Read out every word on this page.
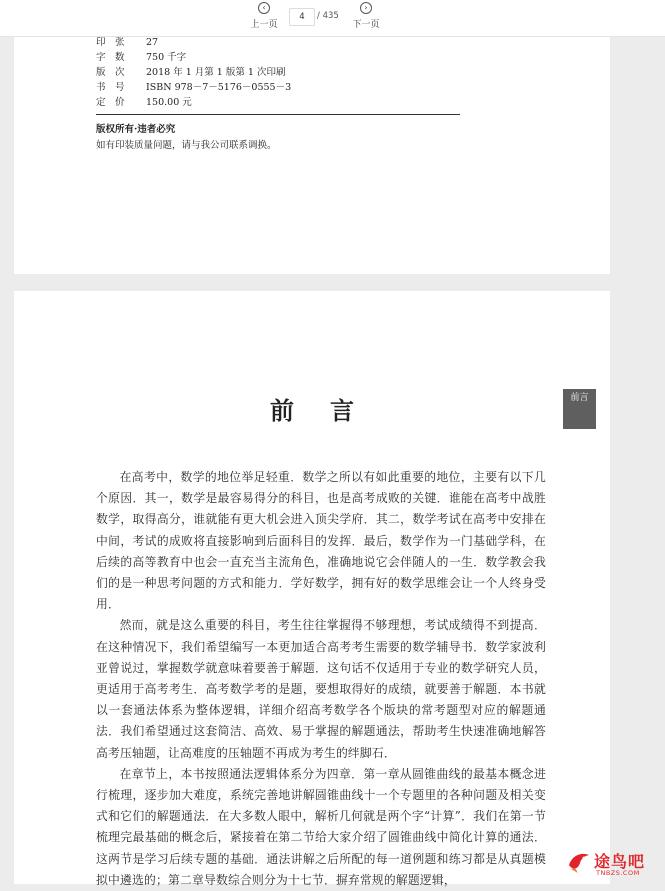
‹
上一页
4	/ 435
›
下一页
印　张 27
字　数 750 千字
版　次 2018 年 1 月第 1 版第 1 次印刷
书　号 ISBN 978－7－5176－0555－3
定　价 150.00 元
版权所有·违者必究
如有印装质量问题，请与我公司联系调换。
前言	前言

在高考中，数学的地位举足轻重．数学之所以有如此重要的地位，主要有以下几个原因．其一，数学是最容易得分的科目，也是高考成败的关键．谁能在高考中战胜数学，取得高分，谁就能有更大机会进入顶尖学府．其二，数学考试在高考中安排在中间，考试的成败将直接影响到后面科目的发挥．最后，数学作为一门基础学科，在后续的高等教育中也会一直充当主流角色，准确地说它会伴随人的一生．数学教会我们的是一种思考问题的方式和能力．学好数学，拥有好的数学思维会让一个人终身受用．

然而，就是这么重要的科目，考生往往掌握得不够理想，考试成绩得不到提高．在这种情况下，我们希望编写一本更加适合高考考生需要的数学辅导书．数学家波利亚曾说过，掌握数学就意味着要善于解题．这句话不仅适用于专业的数学研究人员，更适用于高考考生．高考数学考的是题，要想取得好的成绩，就要善于解题．本书就以一套通法体系为整体逻辑，详细介绍高考数学各个版块的常考题型对应的解题通法．我们希望通过这套简洁、高效、易于掌握的解题通法，帮助考生快速准确地解答高考压轴题，让高难度的压轴题不再成为考生的绊脚石．

在章节上，本书按照通法逻辑体系分为四章．第一章从圆锥曲线的最基本概念进行梳理，逐步加大难度，系统完善地讲解圆锥曲线十一个专题里的各种问题及相关变式和它们的解题通法．在大多数人眼中，解析几何就是两个字“计算”．我们在第一节梳理完最基础的概念后，紧接着在第二节给大家介绍了圆锥曲线中简化计算的通法．这两节是学习后续专题的基础．通法讲解之后所配的每一道例题和练习都是从真题模拟中遴选的；第二章导数综合则分为十七节．摒弃常规的解题逻辑，

途鸟吧
TNBZS.COM
